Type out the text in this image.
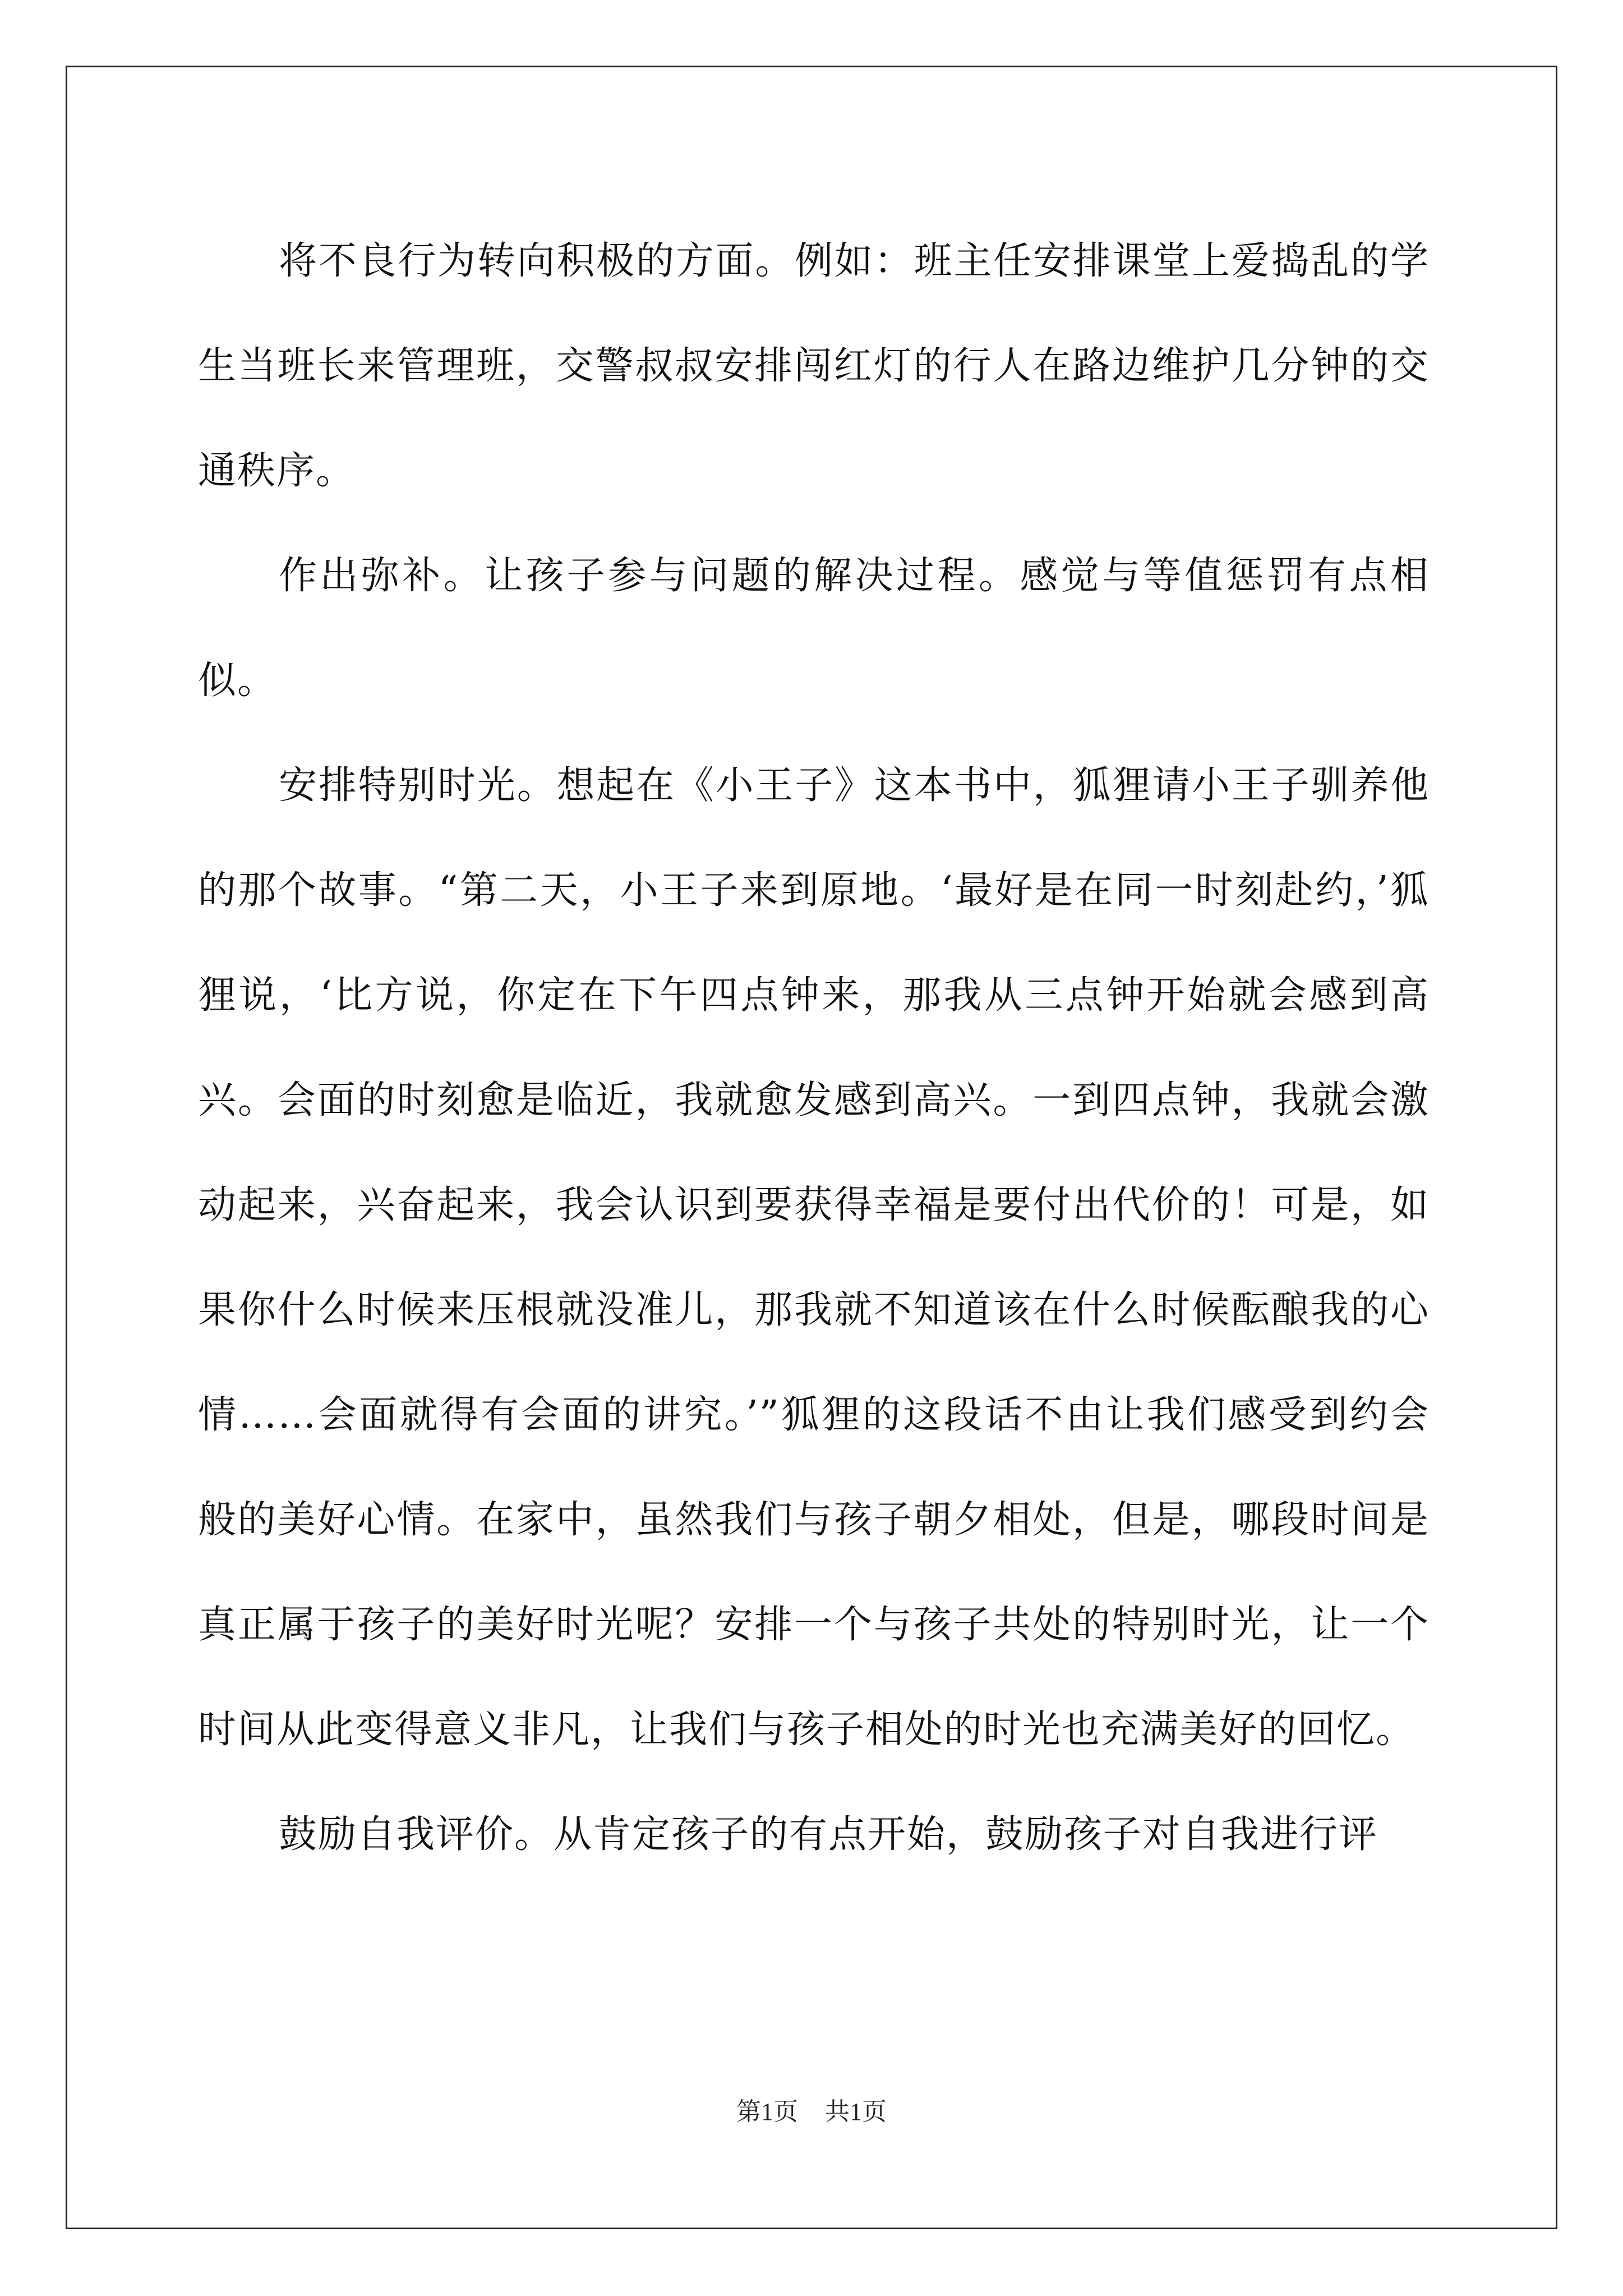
将不良行为转向积极的方面。例如：班主任安排课堂上爱捣乱的学生当班长来管理班，交警叔叔安排闯红灯的行人在路边维护几分钟的交通秩序。

作出弥补。让孩子参与问题的解决过程。感觉与等值惩罚有点相似。

安排特别时光。想起在《小王子》这本书中，狐狸请小王子驯养他的那个故事。“第二天，小王子来到原地。‘最好是在同一时刻赴约，’狐狸说，‘比方说，你定在下午四点钟来，那我从三点钟开始就会感到高兴。会面的时刻愈是临近，我就愈发感到高兴。一到四点钟，我就会激动起来，兴奋起来，我会认识到要获得幸福是要付出代价的！可是，如果你什么时候来压根就没准儿，那我就不知道该在什么时候酝酿我的心情……会面就得有会面的讲究。’”狐狸的这段话不由让我们感受到约会般的美好心情。在家中，虽然我们与孩子朝夕相处，但是，哪段时间是真正属于孩子的美好时光呢？安排一个与孩子共处的特别时光，让一个时间从此变得意义非凡，让我们与孩子相处的时光也充满美好的回忆。

鼓励自我评价。从肯定孩子的有点开始，鼓励孩子对自我进行评

第1页 共1页
